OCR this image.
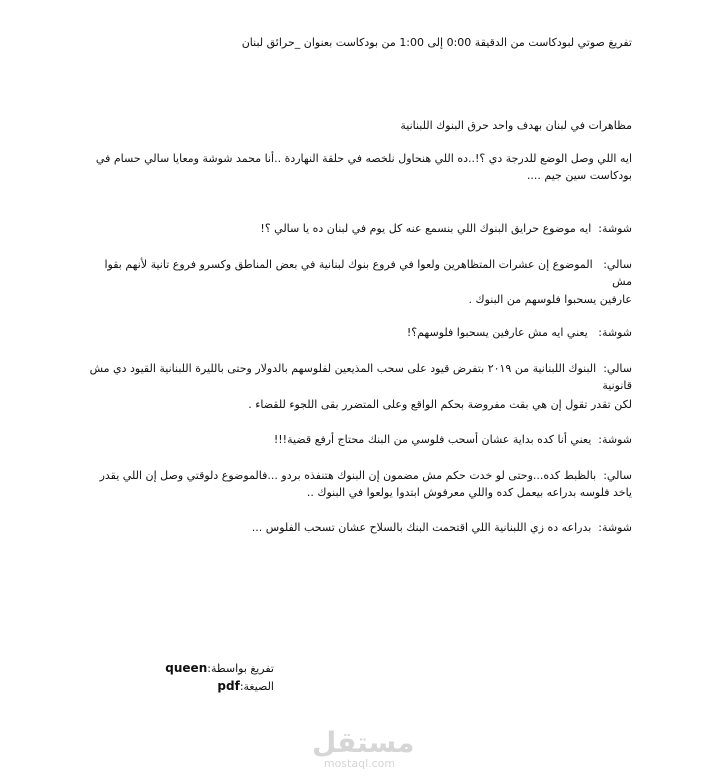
تفريغ صوتي لبودكاست من الدقيقة 0:00 إلى 1:00 من بودكاست بعنوان _حرائق لبنان

مظاهرات في لبنان بهدف واحد حرق البنوك اللبنانية

ايه اللي وصل الوضع للدرجة دي ؟!..ده اللي هنحاول نلخصه في حلقة النهاردة ..أنا محمد شوشة ومعايا سالي حسام في بودكاست سين جيم ....

شوشة:  ايه موضوع حرايق البنوك اللي بنسمع عنه كل يوم في لبنان ده يا سالي ؟!

سالي:   الموضوع إن عشرات المتظاهرين ولعوا في فروع بنوك لبنانية في بعض المناطق وكسرو فروع تانية لأنهم بقوا مش

عارفين يسحبوا فلوسهم من البنوك .

شوشة:   يعني ايه مش عارفين يسحبوا فلوسهم؟!

سالي:  البنوك اللبنانية من ٢٠١٩ بتفرض قيود على سحب المذيعين لفلوسهم بالدولار وحتى بالليرة اللبنانية القيود دي مش قانونية

لكن تقدر تقول إن هي بقت مفروضة بحكم الواقع وعلى المتضرر بقى اللجوء للقضاء .

شوشة:  يعني أنا كده بداية عشان أسحب فلوسي من البنك محتاج أرفع قضية!!!

سالي:  بالظبط كده...وحتى لو خدت حكم مش مضمون إن البنوك هتنفذه بردو ...فالموضوع دلوقتي وصل إن اللي يقدر ياخد فلوسه بدراعه بيعمل كده واللي معرفوش ابتدوا يولعوا في البنوك ..

شوشة:  بدراعه ده زي اللبنانية اللي اقتحمت البنك بالسلاح عشان تسحب الفلوس ...

تفريغ بواسطة:queen
الصيغة:pdf
مستقل
mostaql.com
